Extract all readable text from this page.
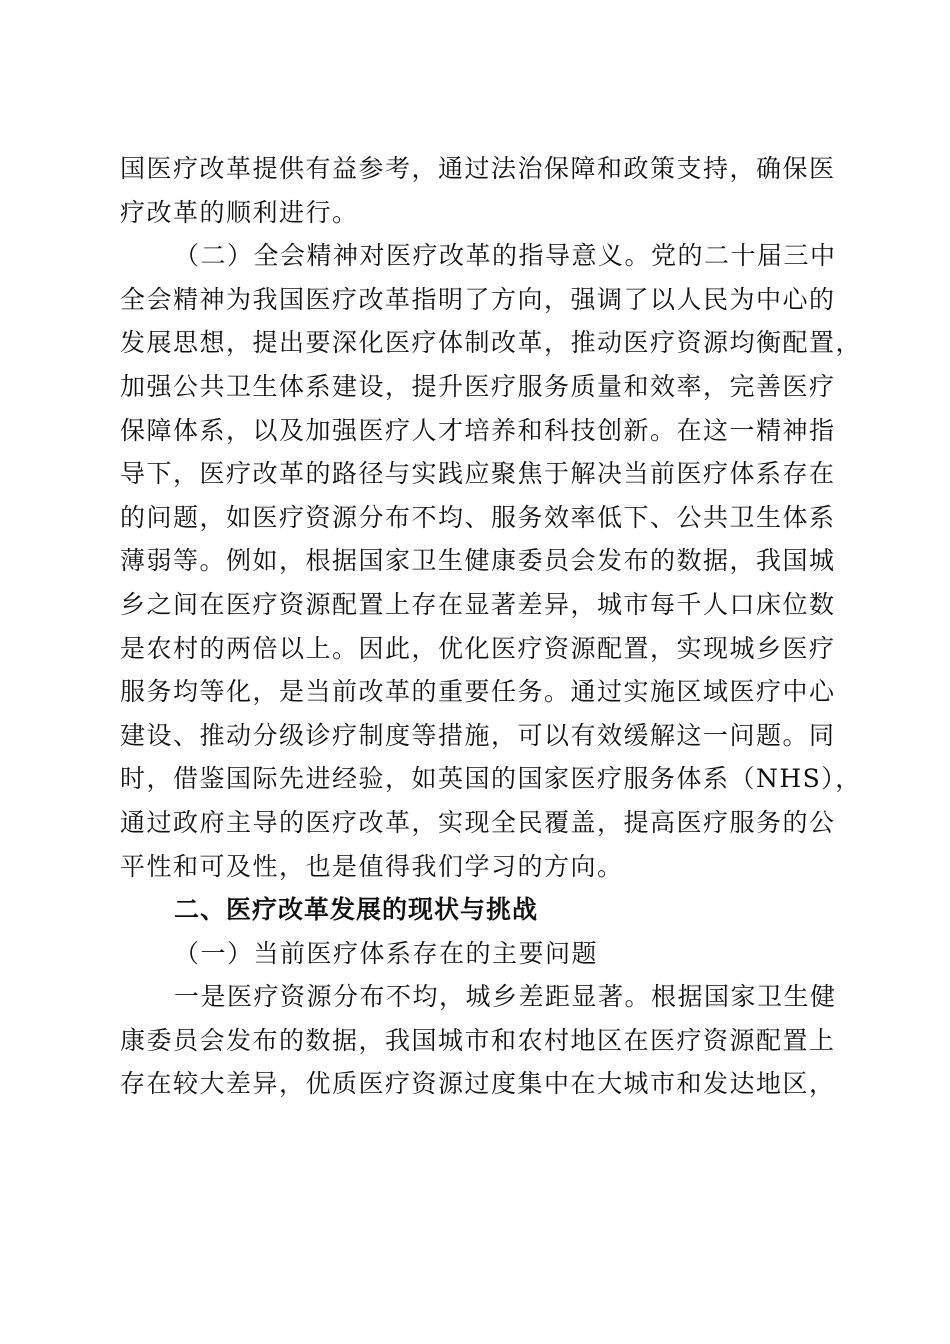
国医疗改革提供有益参考，通过法治保障和政策支持，确保医
疗改革的顺利进行。
（二）全会精神对医疗改革的指导意义。党的二十届三中
全会精神为我国医疗改革指明了方向，强调了以人民为中心的
发展思想，提出要深化医疗体制改革，推动医疗资源均衡配置，
加强公共卫生体系建设，提升医疗服务质量和效率，完善医疗
保障体系，以及加强医疗人才培养和科技创新。在这一精神指
导下，医疗改革的路径与实践应聚焦于解决当前医疗体系存在
的问题，如医疗资源分布不均、服务效率低下、公共卫生体系
薄弱等。例如，根据国家卫生健康委员会发布的数据，我国城
乡之间在医疗资源配置上存在显著差异，城市每千人口床位数
是农村的两倍以上。因此，优化医疗资源配置，实现城乡医疗
服务均等化，是当前改革的重要任务。通过实施区域医疗中心
建设、推动分级诊疗制度等措施，可以有效缓解这一问题。同
时，借鉴国际先进经验，如英国的国家医疗服务体系（NHS），
通过政府主导的医疗改革，实现全民覆盖，提高医疗服务的公
平性和可及性，也是值得我们学习的方向。
二、医疗改革发展的现状与挑战
（一）当前医疗体系存在的主要问题
一是医疗资源分布不均，城乡差距显著。根据国家卫生健
康委员会发布的数据，我国城市和农村地区在医疗资源配置上
存在较大差异，优质医疗资源过度集中在大城市和发达地区，
